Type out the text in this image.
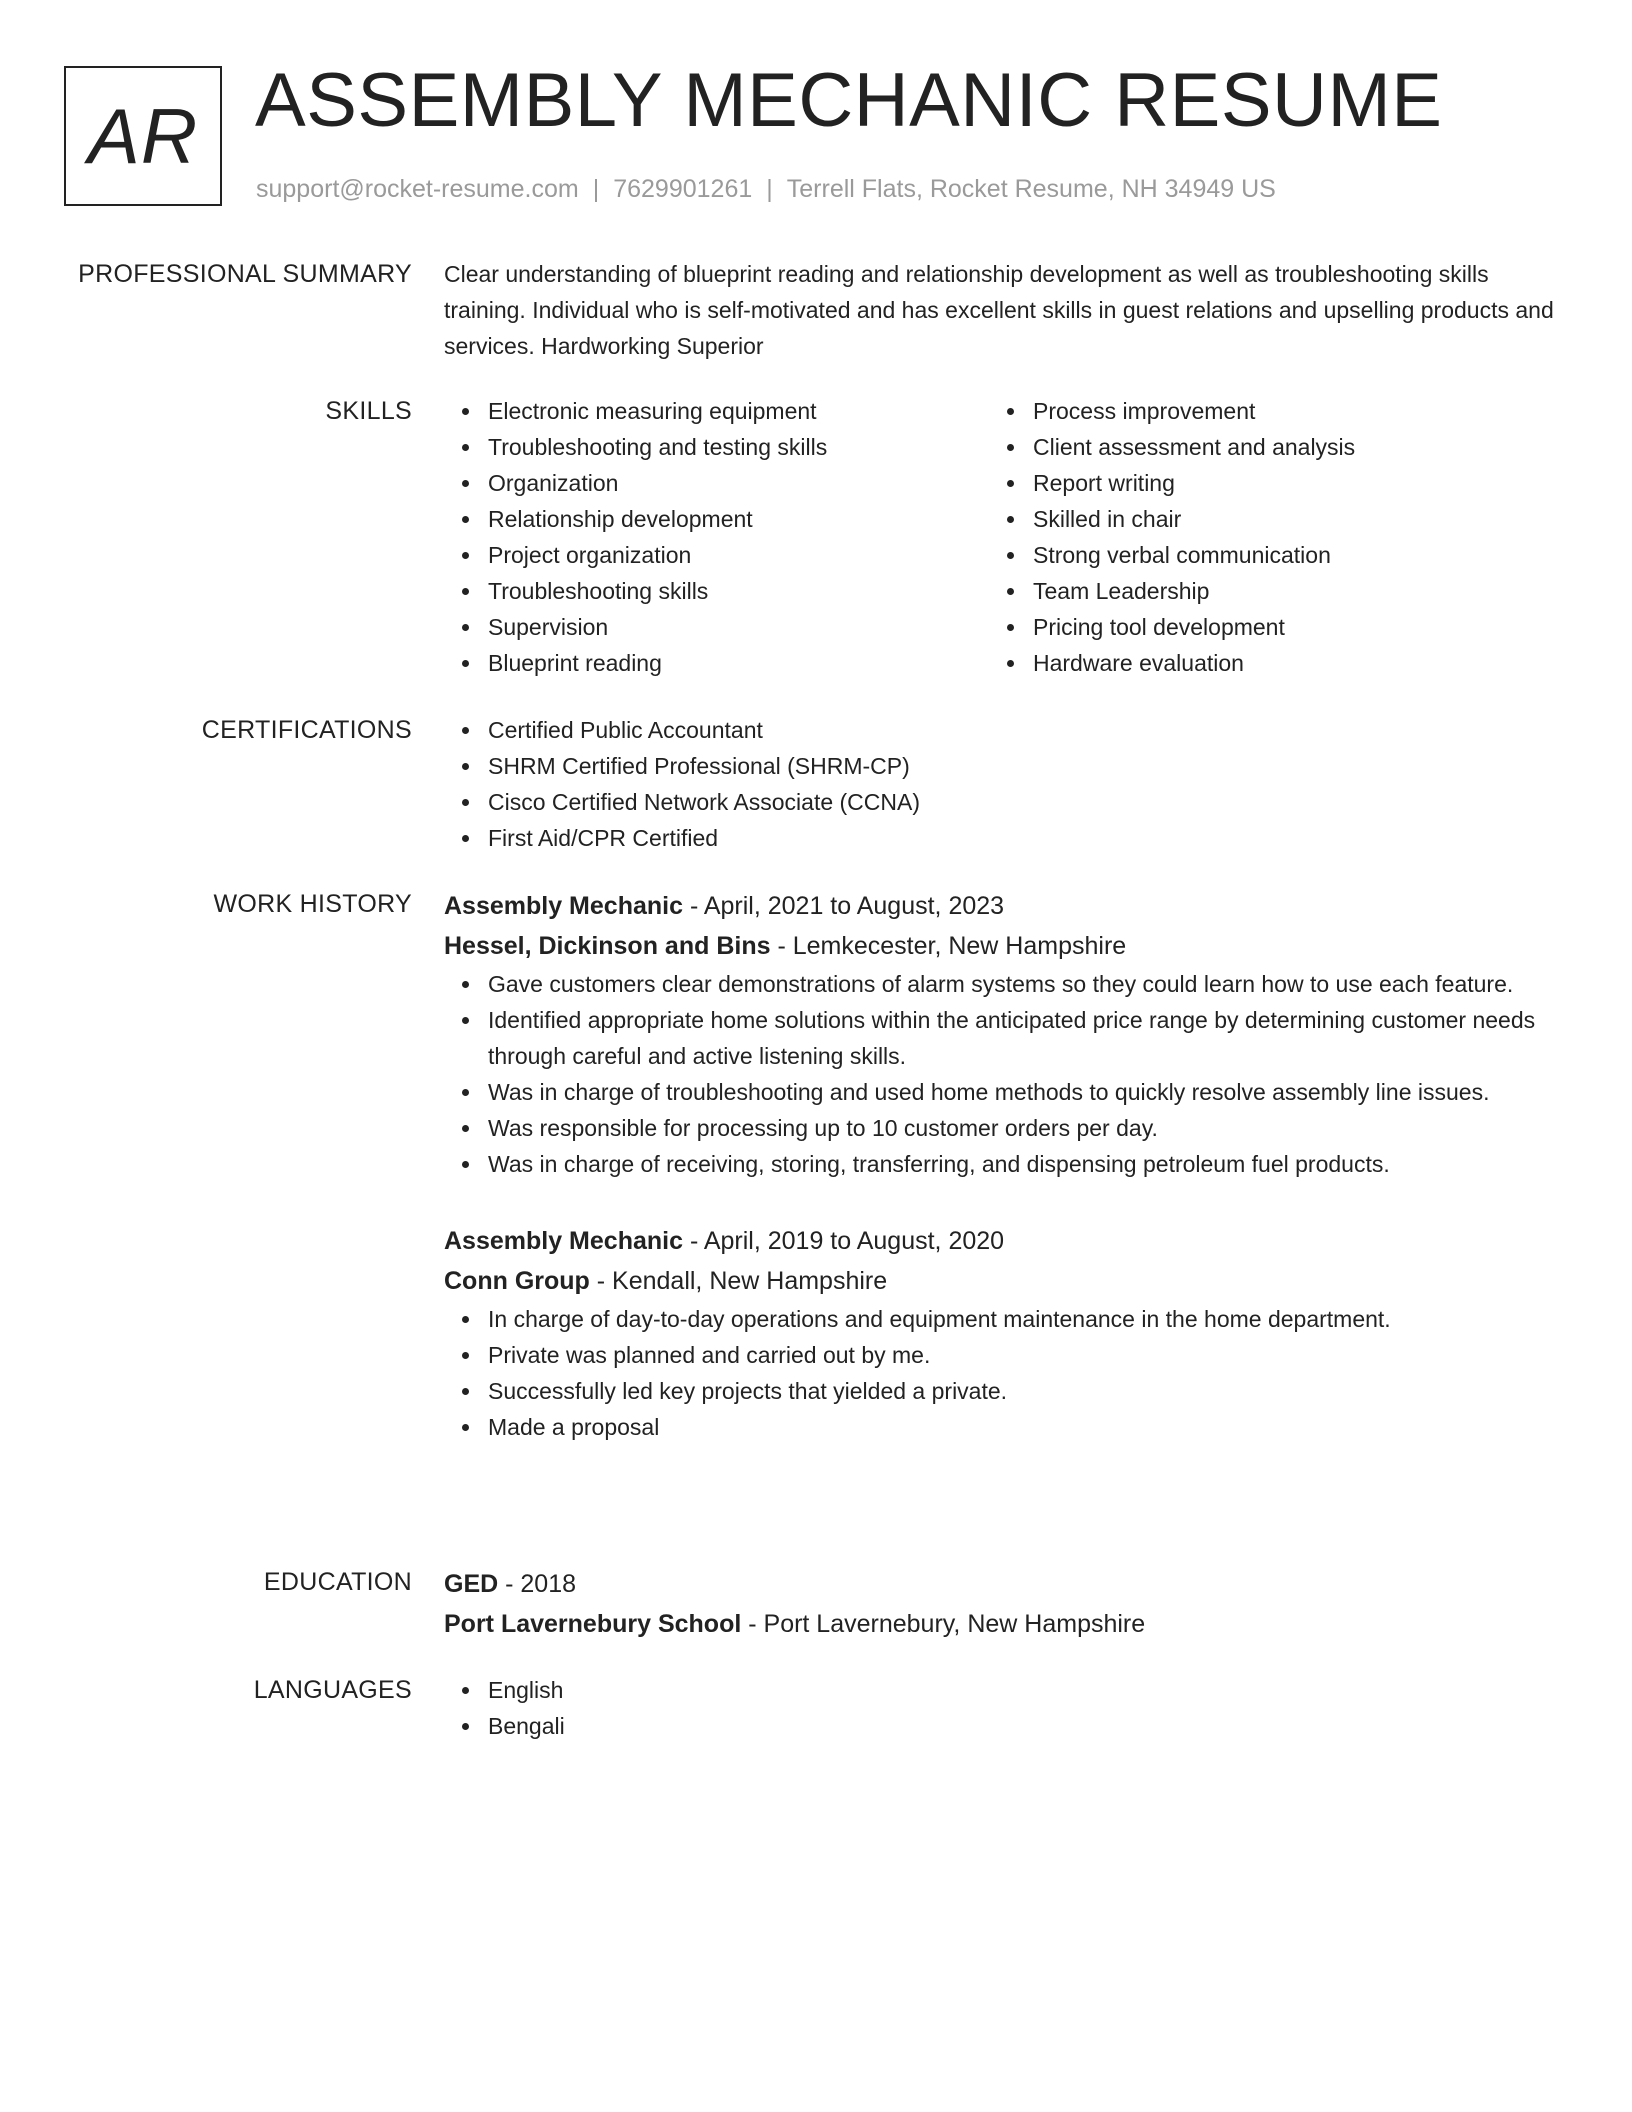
AR ASSEMBLY MECHANIC RESUME
support@rocket-resume.com | 7629901261 | Terrell Flats, Rocket Resume, NH 34949 US
PROFESSIONAL SUMMARY Clear understanding of blueprint reading and relationship development as well as troubleshooting skills training. Individual who is self-motivated and has excellent skills in guest relations and upselling products and services. Hardworking Superior
SKILLS	Electronic measuring equipment
Troubleshooting and testing skills
Organization
Relationship development
Project organization
Troubleshooting skills
Supervision
Blueprint reading
Process improvement
Client assessment and analysis
Report writing
Skilled in chair
Strong verbal communication
Team Leadership
Pricing tool development
Hardware evaluation
CERTIFICATIONS	Certified Public Accountant
SHRM Certified Professional (SHRM-CP)
Cisco Certified Network Associate (CCNA)
First Aid/CPR Certified
WORK HISTORY Assembly Mechanic - April, 2021 to August, 2023
Hessel, Dickinson and Bins - Lemkecester, New Hampshire
Gave customers clear demonstrations of alarm systems so they could learn how to use each feature.
Identified appropriate home solutions within the anticipated price range by determining customer needs through careful and active listening skills.
Was in charge of troubleshooting and used home methods to quickly resolve assembly line issues.
Was responsible for processing up to 10 customer orders per day.
Was in charge of receiving, storing, transferring, and dispensing petroleum fuel products.
Assembly Mechanic - April, 2019 to August, 2020
Conn Group - Kendall, New Hampshire
In charge of day-to-day operations and equipment maintenance in the home department.
Private was planned and carried out by me.
Successfully led key projects that yielded a private.
Made a proposal
EDUCATION GED - 2018
Port Lavernebury School - Port Lavernebury, New Hampshire
LANGUAGES	English
Bengali
